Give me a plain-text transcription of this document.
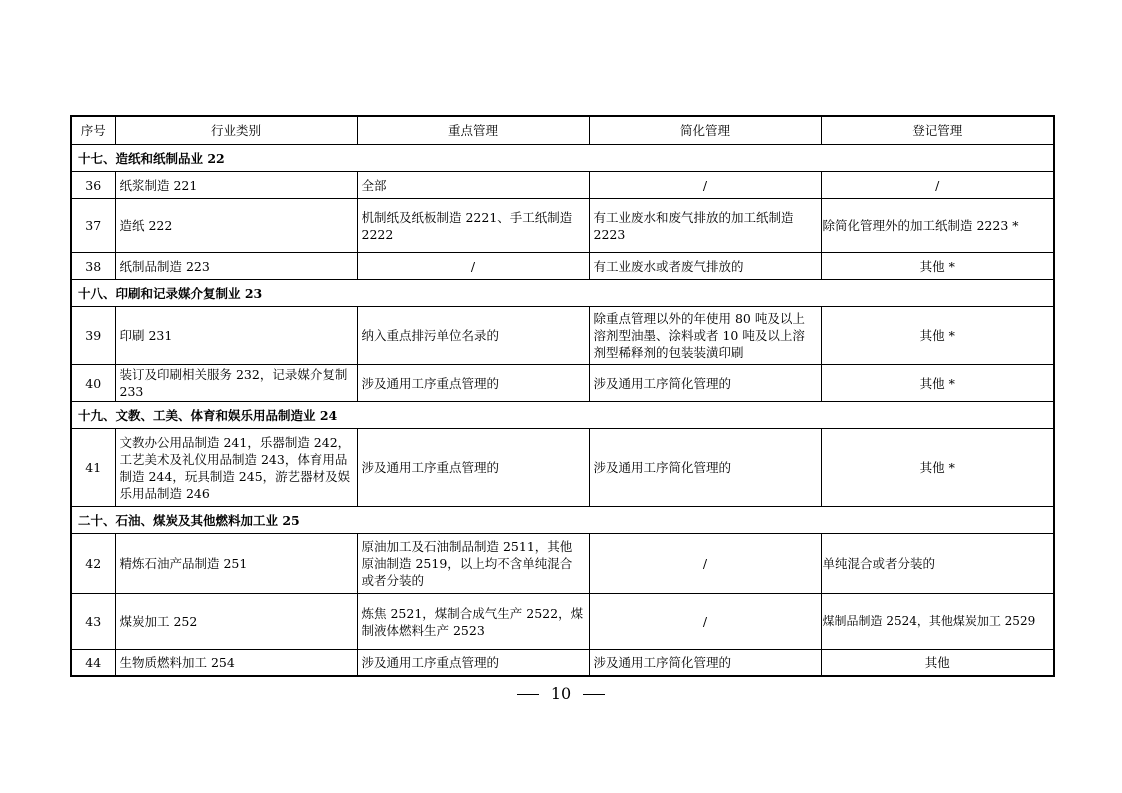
序号	行业类别	重点管理	简化管理	登记管理
十七、造纸和纸制品业 22				
36	纸浆制造 221	全部	/	/
37	造纸 222	机制纸及纸板制造 2221、手工纸制造 2222	有工业废水和废气排放的加工纸制造 2223	除简化管理外的加工纸制造 2223 *
38	纸制品制造 223	/	有工业废水或者废气排放的	其他 *
十八、印刷和记录媒介复制业 23				
39	印刷 231	纳入重点排污单位名录的	除重点管理以外的年使用 80 吨及以上溶剂型油墨、涂料或者 10 吨及以上溶剂型稀释剂的包装装潢印刷	其他 *
40	装订及印刷相关服务 232，记录媒介复制 233	涉及通用工序重点管理的	涉及通用工序简化管理的	其他 *
十九、文教、工美、体育和娱乐用品制造业 24				
41	文教办公用品制造 241，乐器制造 242，工艺美术及礼仪用品制造 243，体育用品制造 244，玩具制造 245，游艺器材及娱乐用品制造 246	涉及通用工序重点管理的	涉及通用工序简化管理的	其他 *
二十、石油、煤炭及其他燃料加工业 25				
42	精炼石油产品制造 251	原油加工及石油制品制造 2511，其他原油制造 2519，以上均不含单纯混合或者分装的	/	单纯混合或者分装的
43	煤炭加工 252	炼焦 2521，煤制合成气生产 2522，煤制液体燃料生产 2523	/	煤制品制造 2524，其他煤炭加工 2529
44	生物质燃料加工 254	涉及通用工序重点管理的	涉及通用工序简化管理的	其他
10
